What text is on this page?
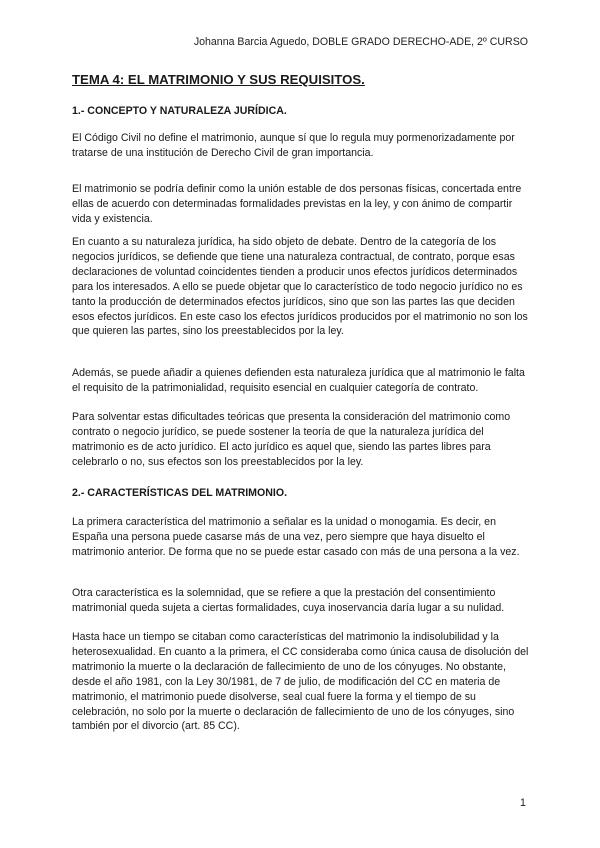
Johanna Barcia Aguedo, DOBLE GRADO DERECHO-ADE, 2º CURSO
TEMA 4: EL MATRIMONIO Y SUS REQUISITOS.
1.- CONCEPTO Y NATURALEZA JURÍDICA.

El Código Civil no define el matrimonio, aunque sí que lo regula muy pormenorizadamente por tratarse de una institución de Derecho Civil de gran importancia.

El matrimonio se podría definir como la unión estable de dos personas físicas, concertada entre ellas de acuerdo con determinadas formalidades previstas en la ley, y con ánimo de compartir vida y existencia.

En cuanto a su naturaleza jurídica, ha sido objeto de debate. Dentro de la categoría de los negocios jurídicos, se defiende que tiene una naturaleza contractual, de contrato, porque esas declaraciones de voluntad coincidentes tienden a producir unos efectos jurídicos determinados para los interesados. A ello se puede objetar que lo característico de todo negocio jurídico no es tanto la producción de determinados efectos jurídicos, sino que son las partes las que deciden esos efectos jurídicos. En este caso los efectos jurídicos producidos por el matrimonio no son los que quieren las partes, sino los preestablecidos por la ley.

Además, se puede añadir a quienes defienden esta naturaleza jurídica que al matrimonio le falta el requisito de la patrimonialidad, requisito esencial en cualquier categoría de contrato.

Para solventar estas dificultades teóricas que presenta la consideración del matrimonio como contrato o negocio jurídico, se puede sostener la teoría de que la naturaleza jurídica del matrimonio es de acto jurídico. El acto jurídico es aquel que, siendo las partes libres para celebrarlo o no, sus efectos son los preestablecidos por la ley.

2.- CARACTERÍSTICAS DEL MATRIMONIO.

La primera característica del matrimonio a señalar es la unidad o monogamia. Es decir, en España una persona puede casarse más de una vez, pero siempre que haya disuelto el matrimonio anterior. De forma que no se puede estar casado con más de una persona a la vez.

Otra característica es la solemnidad, que se refiere a que la prestación del consentimiento matrimonial queda sujeta a ciertas formalidades, cuya inoservancia daría lugar a su nulidad.

Hasta hace un tiempo se citaban como características del matrimonio la indisolubilidad y la heterosexualidad. En cuanto a la primera, el CC consideraba como única causa de disolución del matrimonio la muerte o la declaración de fallecimiento de uno de los cónyuges. No obstante, desde el año 1981, con la Ley 30/1981, de 7 de julio, de modificación del CC en materia de matrimonio, el matrimonio puede disolverse, seal cual fuere la forma y el tiempo de su celebración, no solo por la muerte o declaración de fallecimiento de uno de los cónyuges, sino también por el divorcio (art. 85 CC).

1
